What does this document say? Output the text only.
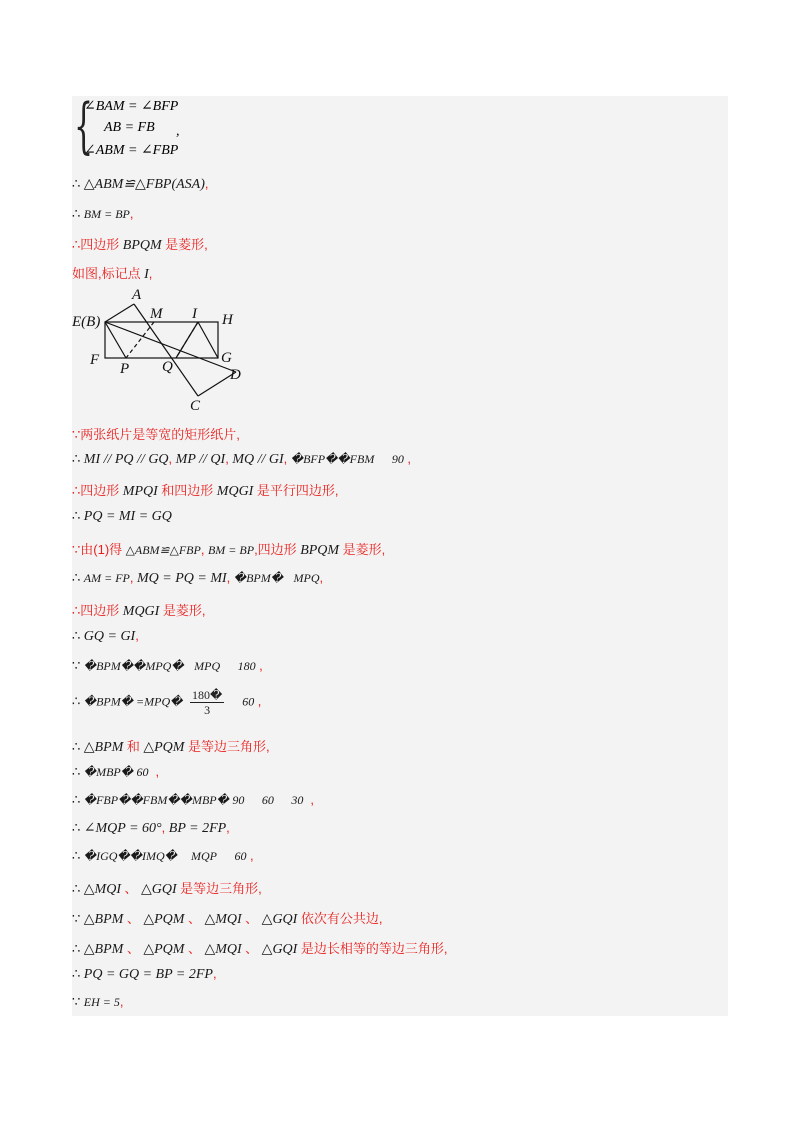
{
∠BAM = ∠BFP
AB = FB ,
∠ABM = ∠FBP
∴ △ABM≌△FBP(ASA),
∴ BM = BP,
∴四边形 BPQM 是菱形,
如图,标记点 I,
A
M I H
E(B)
F
P Q
G
D
C
∵两张纸片是等宽的矩形纸片,
∴ MI // PQ // GQ, MP // QI, MQ // GI, �BFP��FBM 90 ,
∴四边形 MPQI 和四边形 MQGI 是平行四边形,
∴ PQ = MI = GQ
∵由(1)得 △ABM≌△FBP, BM = BP,四边形 BPQM 是菱形,
∴ AM = FP, MQ = PQ = MI, �BPM� MPQ,
∴四边形 MQGI 是菱形,
∴ GQ = GI,
∵ �BPM��MPQ� MPQ 180 ,
∴ �BPM� =MPQ� $\frac{180�}{3} 60$ ,
∴ △BPM 和 △PQM 是等边三角形,
∴ �MBP� 60 ,
∴ �FBP��FBM��MBP� 90 60 30 ,
∴ ∠MQP = 60°, BP = 2FP,
∴ �IGQ��IMQ� MQP 60 ,
∴ △MQI 、 △GQI 是等边三角形,
∵ △BPM 、 △PQM 、 △MQI 、 △GQI 依次有公共边,
∴ △BPM 、 △PQM 、 △MQI 、 △GQI 是边长相等的等边三角形,
∴ PQ = GQ = BP = 2FP,
∵ EH = 5,
